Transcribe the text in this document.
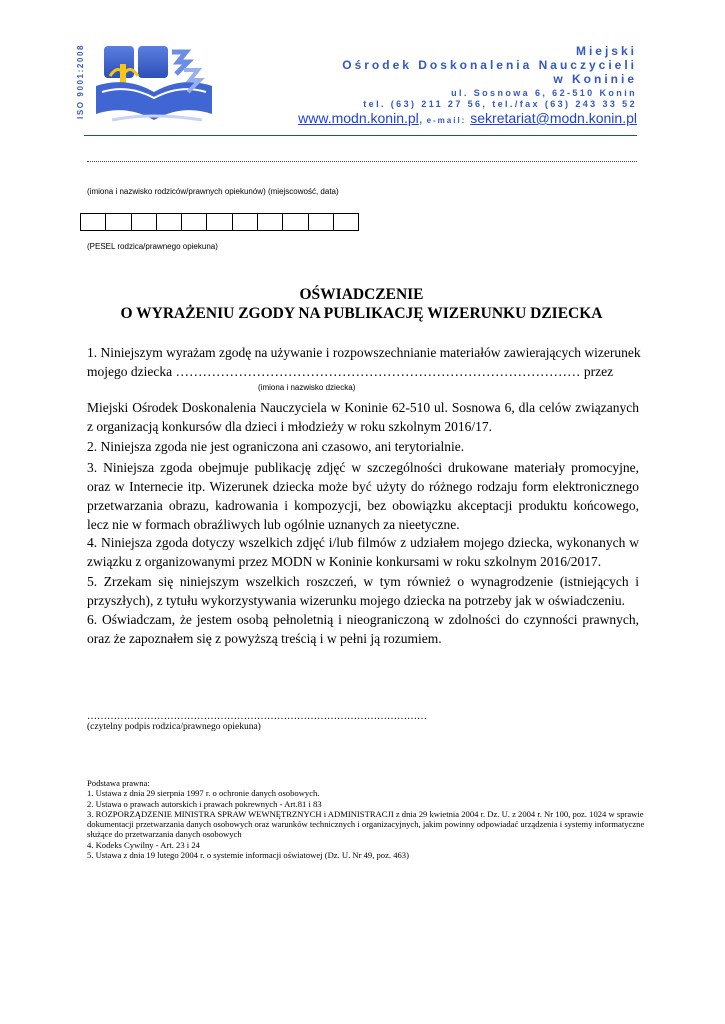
ISO 9001:2008	Miejski
Ośrodek Doskonalenia Nauczycieli
w Koninie
ul. Sosnowa 6, 62-510 Konin
tel. (63) 211 27 56, tel./fax (63) 243 33 52
www.modn.konin.pl, e-mail: sekretariat@modn.konin.pl
(imiona i nazwisko rodziców/prawnych opiekunów) (miejscowość, data)
(PESEL rodzica/prawnego opiekuna)
OŚWIADCZENIE
O WYRAŻENIU ZGODY NA PUBLIKACJĘ WIZERUNKU DZIECKA
1. Niniejszym wyrażam zgodę na używanie i rozpowszechnianie materiałów zawierających wizerunek
mojego dziecka ……………………………………………………………………………… przez
(imiona i nazwisko dziecka)
Miejski Ośrodek Doskonalenia Nauczyciela w Koninie 62-510 ul. Sosnowa 6, dla celów związanych z organizacją konkursów dla dzieci i młodzieży w roku szkolnym 2016/17.
2. Niniejsza zgoda nie jest ograniczona ani czasowo, ani terytorialnie.
3. Niniejsza zgoda obejmuje publikację zdjęć w szczególności drukowane materiały promocyjne, oraz w Internecie itp. Wizerunek dziecka może być użyty do różnego rodzaju form elektronicznego przetwarzania obrazu, kadrowania i kompozycji, bez obowiązku akceptacji produktu końcowego, lecz nie w formach obraźliwych lub ogólnie uznanych za nieetyczne.
4. Niniejsza zgoda dotyczy wszelkich zdjęć i/lub filmów z udziałem mojego dziecka, wykonanych w związku z organizowanymi przez MODN w Koninie konkursami w roku szkolnym 2016/2017.
5. Zrzekam się niniejszym wszelkich roszczeń, w tym również o wynagrodzenie (istniejących i przyszłych), z tytułu wykorzystywania wizerunku mojego dziecka na potrzeby jak w oświadczeniu.
6. Oświadczam, że jestem osobą pełnoletnią i nieograniczoną w zdolności do czynności prawnych, oraz że zapoznałem się z powyższą treścią i w pełni ją rozumiem.
…………………………………………………………………………………………
(czytelny podpis rodzica/prawnego opiekuna)
Podstawa prawna:
1. Ustawa z dnia 29 sierpnia 1997 r. o ochronie danych osobowych.
2. Ustawa o prawach autorskich i prawach pokrewnych - Art.81 i 83
3. ROZPORZĄDZENIE MINISTRA SPRAW WEWNĘTRZNYCH i ADMINISTRACJI z dnia 29 kwietnia 2004 r. Dz. U. z 2004 r. Nr 100, poz. 1024 w sprawie dokumentacji przetwarzania danych osobowych oraz warunków technicznych i organizacyjnych, jakim powinny odpowiadać urządzenia i systemy informatyczne służące do przetwarzania danych osobowych
4. Kodeks Cywilny - Art. 23 i 24
5. Ustawa z dnia 19 lutego 2004 r. o systemie informacji oświatowej (Dz. U. Nr 49, poz. 463)
